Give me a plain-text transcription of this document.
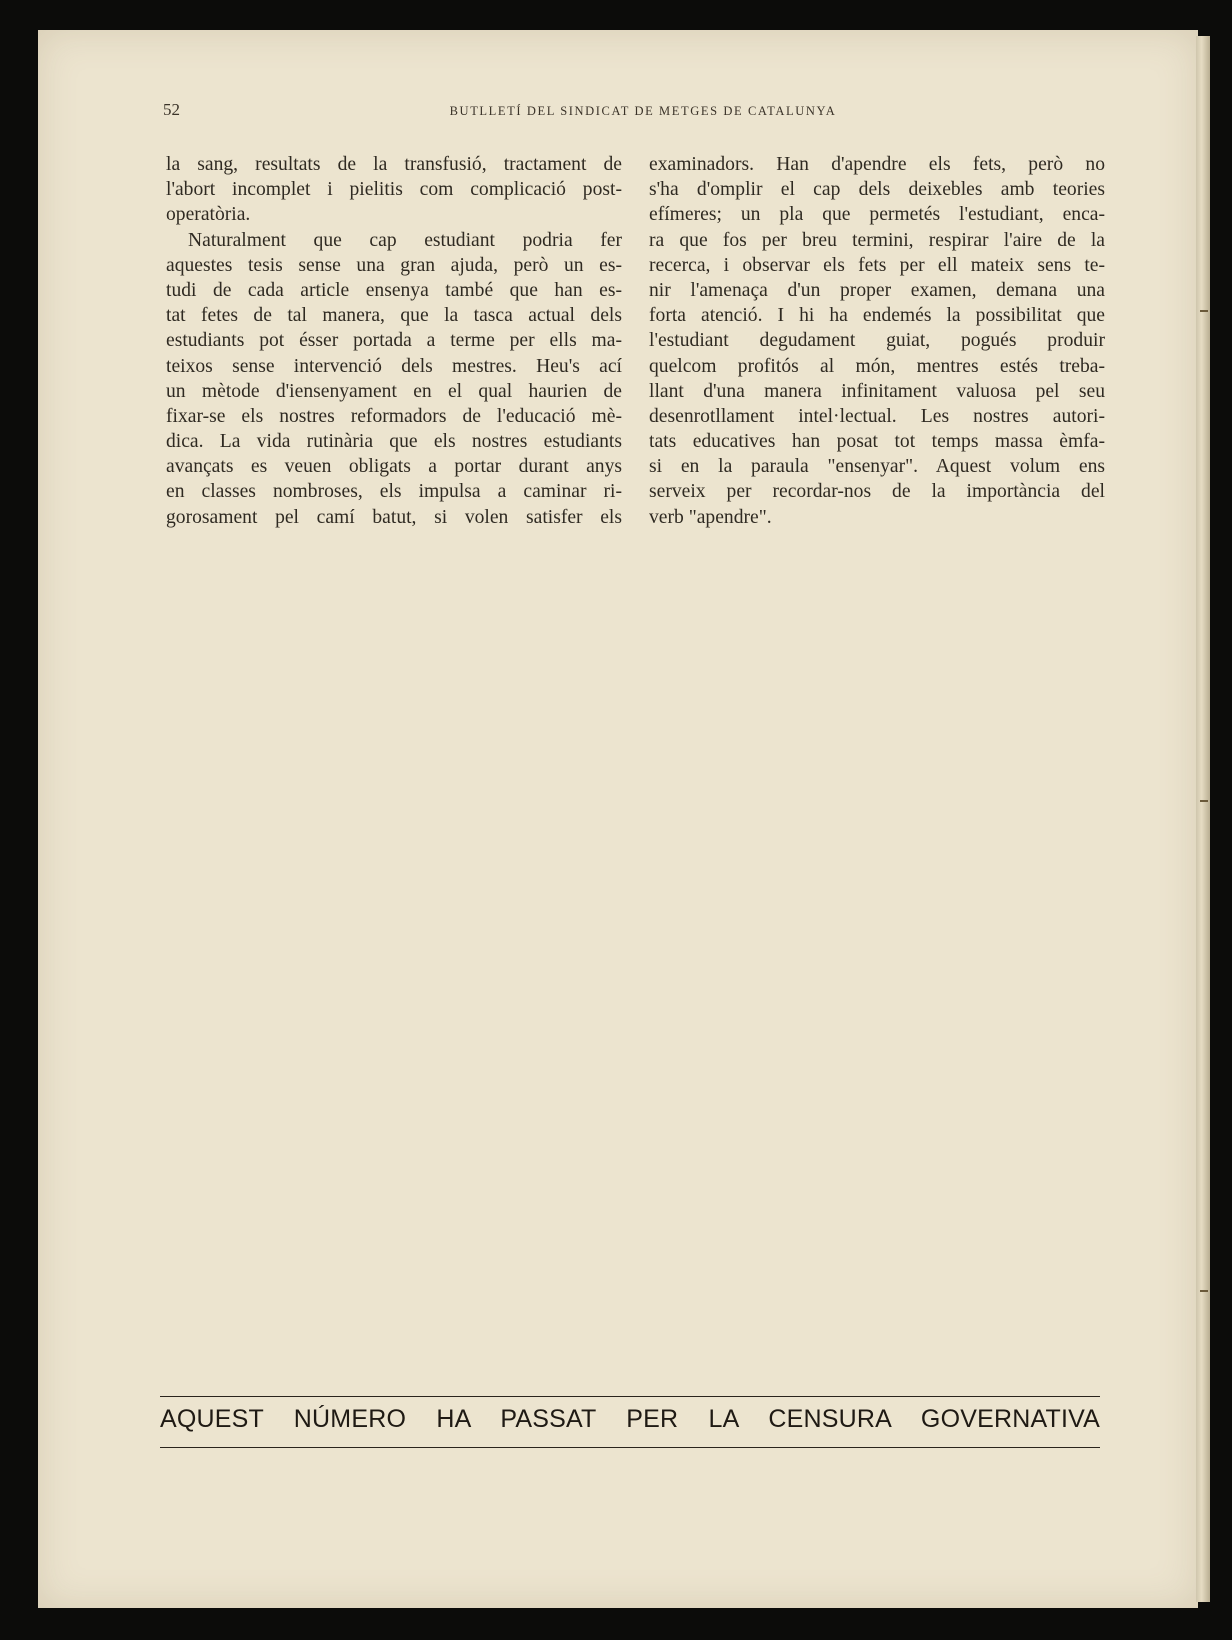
52	BUTLLETÍ DEL SINDICAT DE METGES DE CATALUNYA
la sang, resultats de la transfusió, tractament de
l'abort incomplet i pielitis com complicació post-
operatòria.
Naturalment que cap estudiant podria fer
aquestes tesis sense una gran ajuda, però un es-
tudi de cada article ensenya també que han es-
tat fetes de tal manera, que la tasca actual dels
estudiants pot ésser portada a terme per ells ma-
teixos sense intervenció dels mestres. Heu's ací
un mètode d'iensenyament en el qual haurien de
fixar-se els nostres reformadors de l'educació mè-
dica. La vida rutinària que els nostres estudiants
avançats es veuen obligats a portar durant anys
en classes nombroses, els impulsa a caminar ri-
gorosament pel camí batut, si volen satisfer els
examinadors. Han d'apendre els fets, però no
s'ha d'omplir el cap dels deixebles amb teories
efímeres; un pla que permetés l'estudiant, enca-
ra que fos per breu termini, respirar l'aire de la
recerca, i observar els fets per ell mateix sens te-
nir l'amenaça d'un proper examen, demana una
forta atenció. I hi ha endemés la possibilitat que
l'estudiant degudament guiat, pogués produir
quelcom profitós al món, mentres estés treba-
llant d'una manera infinitament valuosa pel seu
desenrotllament intel·lectual. Les nostres autori-
tats educatives han posat tot temps massa èmfa-
si en la paraula "ensenyar". Aquest volum ens
serveix per recordar-nos de la importància del
verb "apendre".
AQUEST NÚMERO HA PASSAT PER LA CENSURA GOVERNATIVA
